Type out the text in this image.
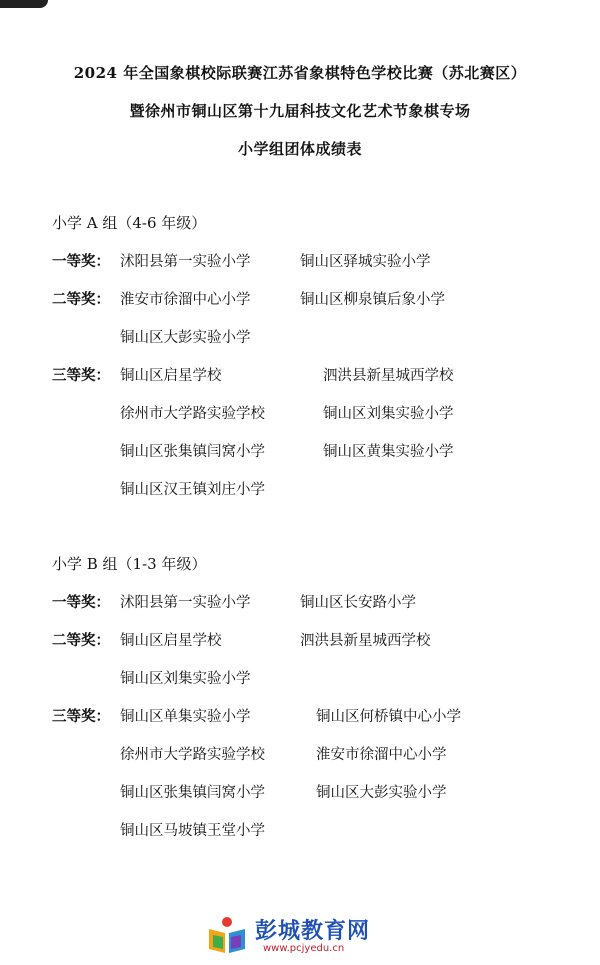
2024 年全国象棋校际联赛江苏省象棋特色学校比赛（苏北赛区）
暨徐州市铜山区第十九届科技文化艺术节象棋专场
小学组团体成绩表
小学 A 组（4-6 年级）
一等奖： 沭阳县第一实验小学	铜山区驿城实验小学
二等奖： 淮安市徐溜中心小学	铜山区柳泉镇后象小学
铜山区大彭实验小学
三等奖： 铜山区启星学校	泗洪县新星城西学校
徐州市大学路实验学校	铜山区刘集实验小学
铜山区张集镇闫窝小学	铜山区黄集实验小学
铜山区汉王镇刘庄小学
小学 B 组（1-3 年级）
一等奖： 沭阳县第一实验小学	铜山区长安路小学
二等奖： 铜山区启星学校	泗洪县新星城西学校
铜山区刘集实验小学
三等奖： 铜山区单集实验小学	铜山区何桥镇中心小学
徐州市大学路实验学校	淮安市徐溜中心小学
铜山区张集镇闫窝小学	铜山区大彭实验小学
铜山区马坡镇王堂小学
彭城教育网
www.pcjyedu.cn
